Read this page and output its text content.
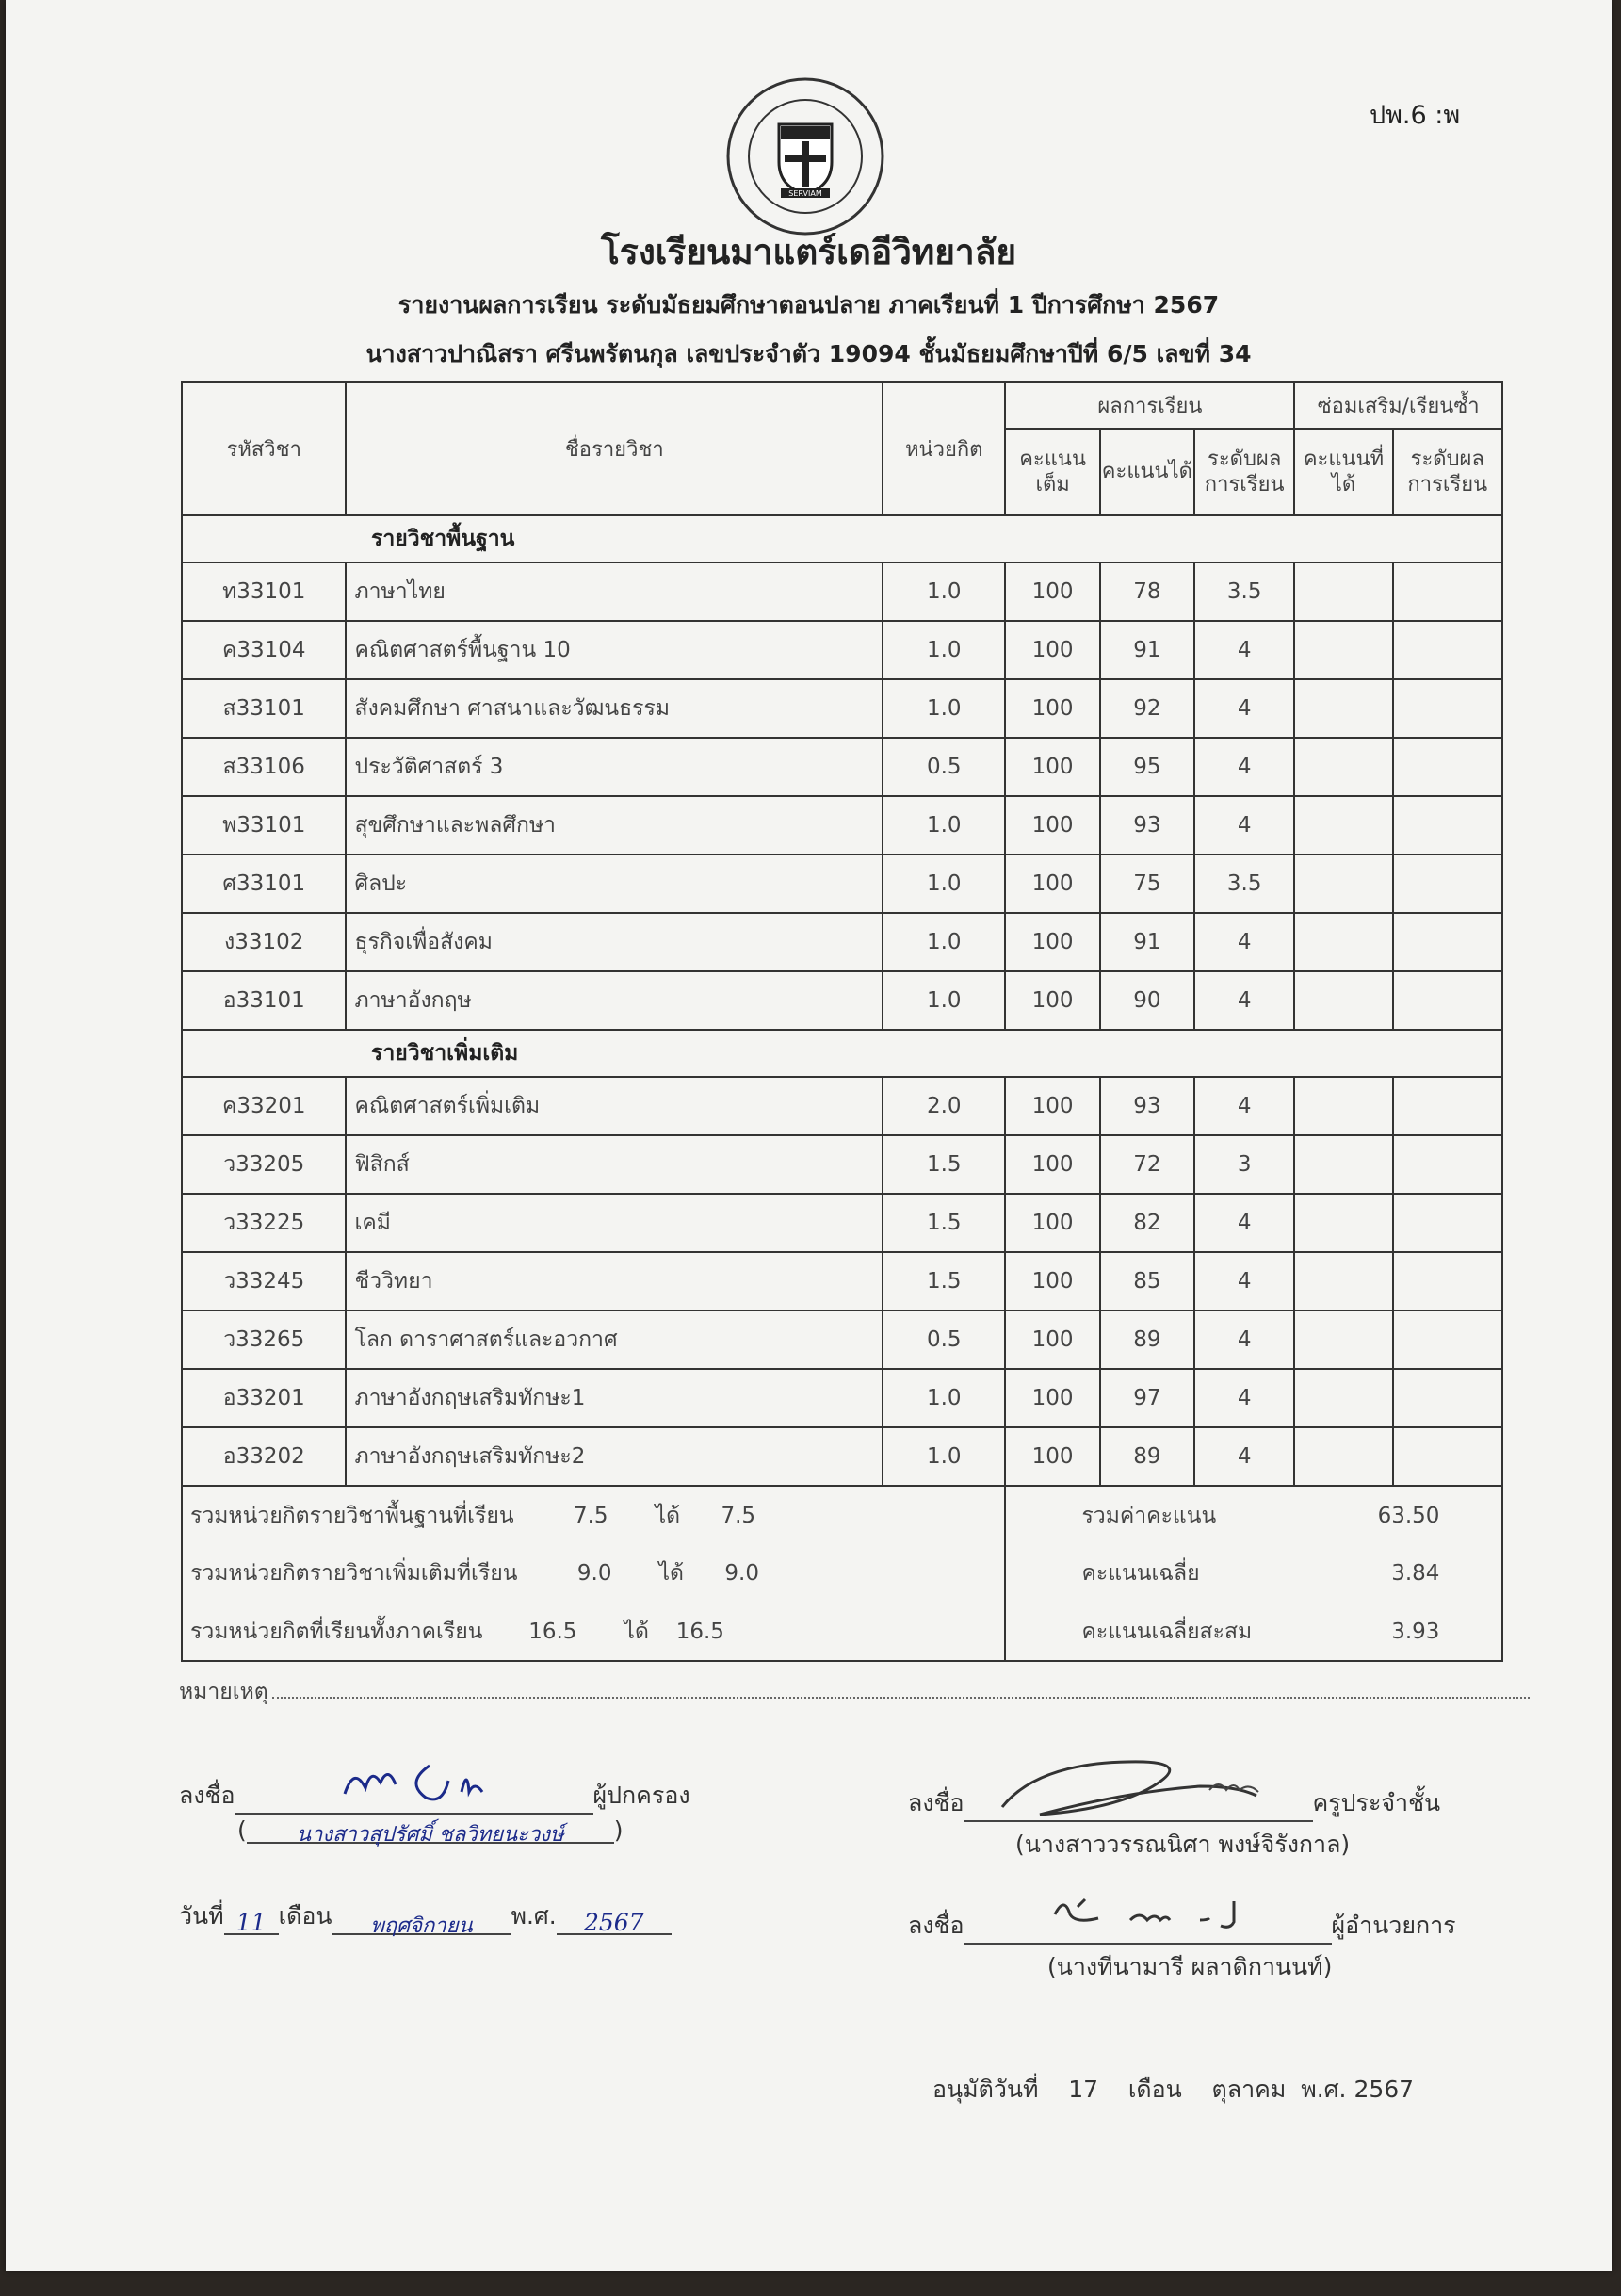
ปพ.6 :พ
SERVIAM
โรงเรียนมาแตร์เดอีวิทยาลัย
รายงานผลการเรียน ระดับมัธยมศึกษาตอนปลาย ภาคเรียนที่ 1 ปีการศึกษา 2567
นางสาวปาณิสรา ศรีนพรัตนกุล เลขประจำตัว 19094 ชั้นมัธยมศึกษาปีที่ 6/5 เลขที่ 34
รหัสวิชา	ชื่อรายวิชา	หน่วยกิต	ผลการเรียน			ซ่อมเสริม/เรียนซ้ำ	
			คะแนนเต็ม	คะแนนได้	ระดับผลการเรียน	คะแนนที่ได้	ระดับผลการเรียน

รายวิชาพื้นฐาน							
ท33101	ภาษาไทย	1.0	100	78	3.5		
ค33104	คณิตศาสตร์พื้นฐาน 10	1.0	100	91	4		
ส33101	สังคมศึกษา ศาสนาและวัฒนธรรม	1.0	100	92	4		
ส33106	ประวัติศาสตร์ 3	0.5	100	95	4		
พ33101	สุขศึกษาและพลศึกษา	1.0	100	93	4		
ศ33101	ศิลปะ	1.0	100	75	3.5		
ง33102	ธุรกิจเพื่อสังคม	1.0	100	91	4		
อ33101	ภาษาอังกฤษ	1.0	100	90	4		
รายวิชาเพิ่มเติม							
ค33201	คณิตศาสตร์เพิ่มเติม	2.0	100	93	4		
ว33205	ฟิสิกส์	1.5	100	72	3		
ว33225	เคมี	1.5	100	82	4		
ว33245	ชีววิทยา	1.5	100	85	4		
ว33265	โลก ดาราศาสตร์และอวกาศ	0.5	100	89	4		
อ33201	ภาษาอังกฤษเสริมทักษะ1	1.0	100	97	4		
อ33202	ภาษาอังกฤษเสริมทักษะ2	1.0	100	89	4		
รวมหน่วยกิตรายวิชาพื้นฐานที่เรียน 7.5 ได้ 7.5			รวมค่าคะแนน 63.50				
รวมหน่วยกิตรายวิชาเพิ่มเติมที่เรียน 9.0 ได้ 9.0			คะแนนเฉลี่ย 3.84				
รวมหน่วยกิตที่เรียนทั้งภาคเรียน 16.5 ได้ 16.5			คะแนนเฉลี่ยสะสม 3.93				
หมายเหตุ
ลงชื่อ	ผู้ปกครอง
( นางสาวสุปรัศมิ์ ชลวิทยนะวงษ์ )
วันที่ 11 เดือน พฤศจิกายน พ.ศ. 2567
ลงชื่อ	ครูประจำชั้น
(นางสาววรรณนิศา พงษ์จิรังกาล)
ลงชื่อ	ผู้อำนวยการ
(นางทีนามารี ผลาดิกานนท์)
อนุมัติวันที่ 17 เดือน ตุลาคม พ.ศ. 2567
